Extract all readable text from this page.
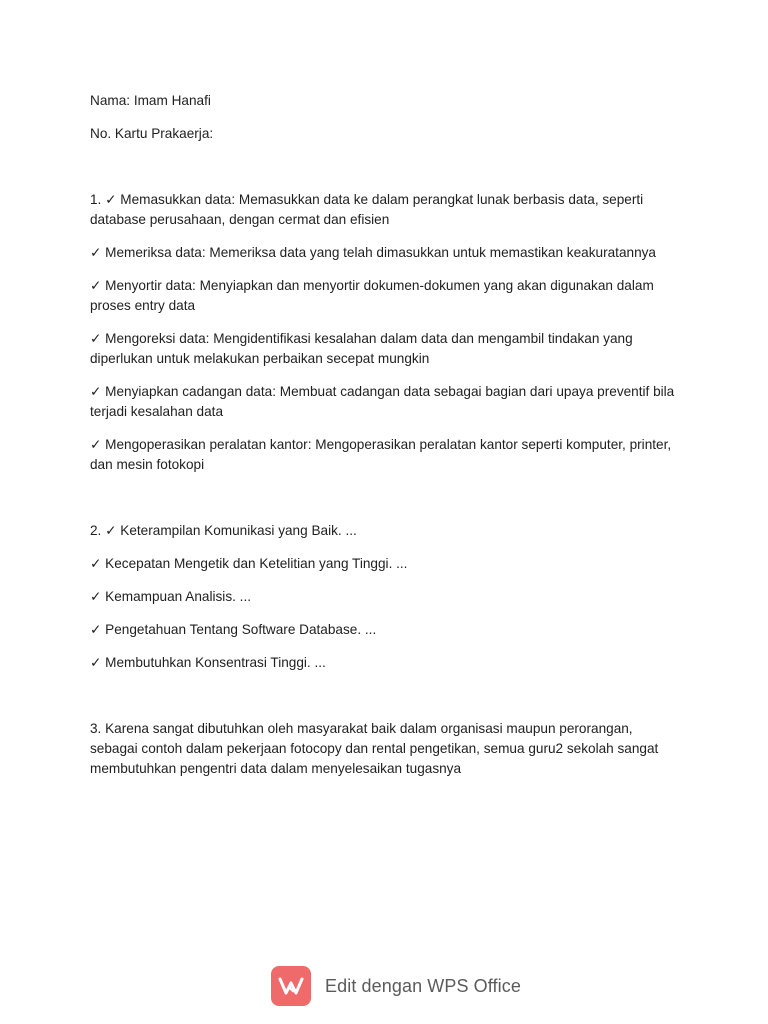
Nama: Imam Hanafi

No. Kartu Prakaerja:

1. ✓ Memasukkan data: Memasukkan data ke dalam perangkat lunak berbasis data, seperti database perusahaan, dengan cermat dan efisien

✓ Memeriksa data: Memeriksa data yang telah dimasukkan untuk memastikan keakuratannya

✓ Menyortir data: Menyiapkan dan menyortir dokumen-dokumen yang akan digunakan dalam proses entry data

✓ Mengoreksi data: Mengidentifikasi kesalahan dalam data dan mengambil tindakan yang diperlukan untuk melakukan perbaikan secepat mungkin

✓ Menyiapkan cadangan data: Membuat cadangan data sebagai bagian dari upaya preventif bila terjadi kesalahan data

✓ Mengoperasikan peralatan kantor: Mengoperasikan peralatan kantor seperti komputer, printer, dan mesin fotokopi

2. ✓ Keterampilan Komunikasi yang Baik. ...

✓ Kecepatan Mengetik dan Ketelitian yang Tinggi. ...

✓ Kemampuan Analisis. ...

✓ Pengetahuan Tentang Software Database. ...

✓ Membutuhkan Konsentrasi Tinggi. ...

3. Karena sangat dibutuhkan oleh masyarakat baik dalam organisasi maupun perorangan, sebagai contoh dalam pekerjaan fotocopy dan rental pengetikan, semua guru2 sekolah sangat membutuhkan pengentri data dalam menyelesaikan tugasnya

Edit dengan WPS Office
